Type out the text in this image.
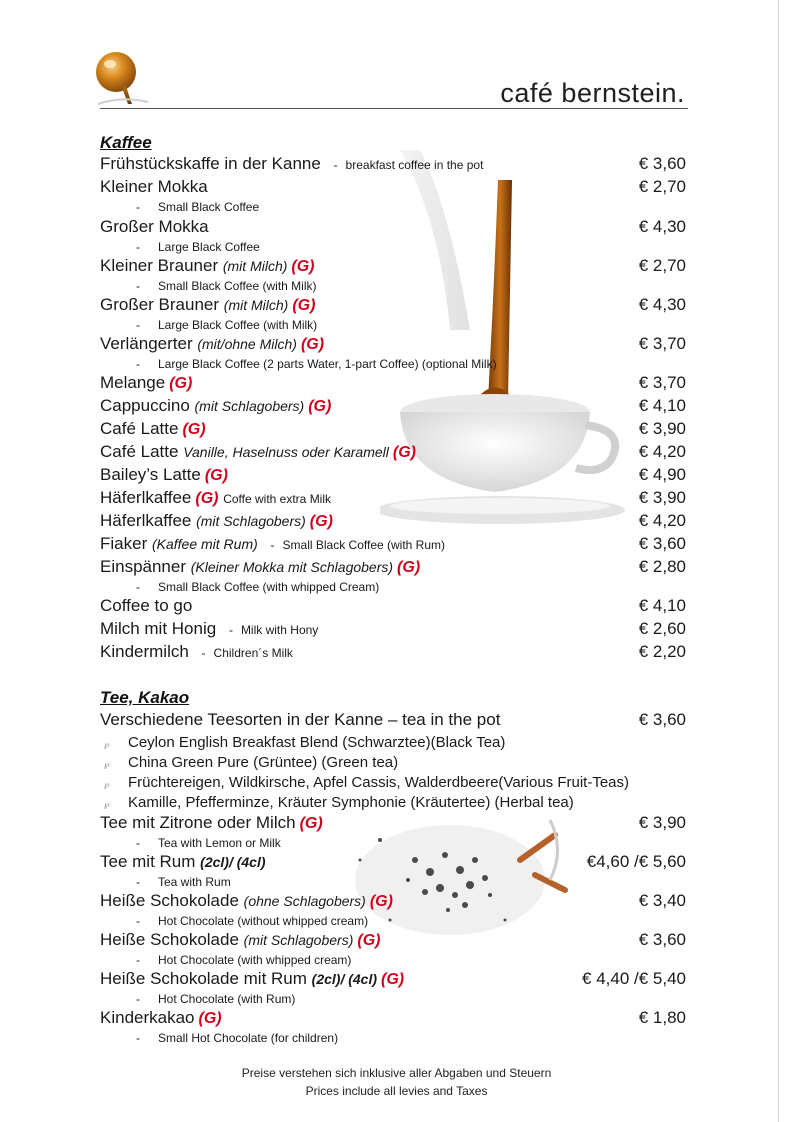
café bernstein.
Kaffee
Frühstückskaffe in der Kanne - breakfast coffee in the pot	€ 3,60
Kleiner Mokka	€ 2,70
- Small Black Coffee
Großer Mokka	€ 4,30
- Large Black Coffee
Kleiner Brauner (mit Milch) (G)	€ 2,70
- Small Black Coffee (with Milk)
Großer Brauner (mit Milch) (G)	€ 4,30
- Large Black Coffee (with Milk)
Verlängerter (mit/ohne Milch) (G)	€ 3,70
- Large Black Coffee (2 parts Water, 1-part Coffee) (optional Milk)
Melange (G)	€ 3,70
Cappuccino (mit Schlagobers) (G)	€ 4,10
Café Latte (G)	€ 3,90
Café Latte Vanille, Haselnuss oder Karamell (G)	€ 4,20
Bailey’s Latte (G)	€ 4,90
Häferlkaffee (G) Coffe with extra Milk	€ 3,90
Häferlkaffee (mit Schlagobers) (G)	€ 4,20
Fiaker (Kaffee mit Rum) - Small Black Coffee (with Rum)	€ 3,60
Einspänner (Kleiner Mokka mit Schlagobers) (G)	€ 2,80
- Small Black Coffee (with whipped Cream)
Coffee to go	€ 4,10
Milch mit Honig - Milk with Hony	€ 2,60
Kindermilch - Children´s Milk	€ 2,20
Tee, Kakao
Verschiedene Teesorten in der Kanne – tea in the pot	€ 3,60
℘ Ceylon English Breakfast Blend (Schwarztee)(Black Tea)
℘ China Green Pure (Grüntee) (Green tea)
℘ Früchtereigen, Wildkirsche, Apfel Cassis, Walderdbeere(Various Fruit-Teas)
℘ Kamille, Pfefferminze, Kräuter Symphonie (Kräutertee) (Herbal tea)
Tee mit Zitrone oder Milch (G)	€ 3,90
- Tea with Lemon or Milk
Tee mit Rum (2cl)/ (4cl)	€4,60 /€ 5,60
- Tea with Rum
Heiße Schokolade (ohne Schlagobers) (G)	€ 3,40
- Hot Chocolate (without whipped cream)
Heiße Schokolade (mit Schlagobers) (G)	€ 3,60
- Hot Chocolate (with whipped cream)
Heiße Schokolade mit Rum (2cl)/ (4cl) (G)	€ 4,40 /€ 5,40
- Hot Chocolate (with Rum)
Kinderkakao (G)	€ 1,80
- Small Hot Chocolate (for children)
Preise verstehen sich inklusive aller Abgaben und Steuern
Prices include all levies and Taxes
